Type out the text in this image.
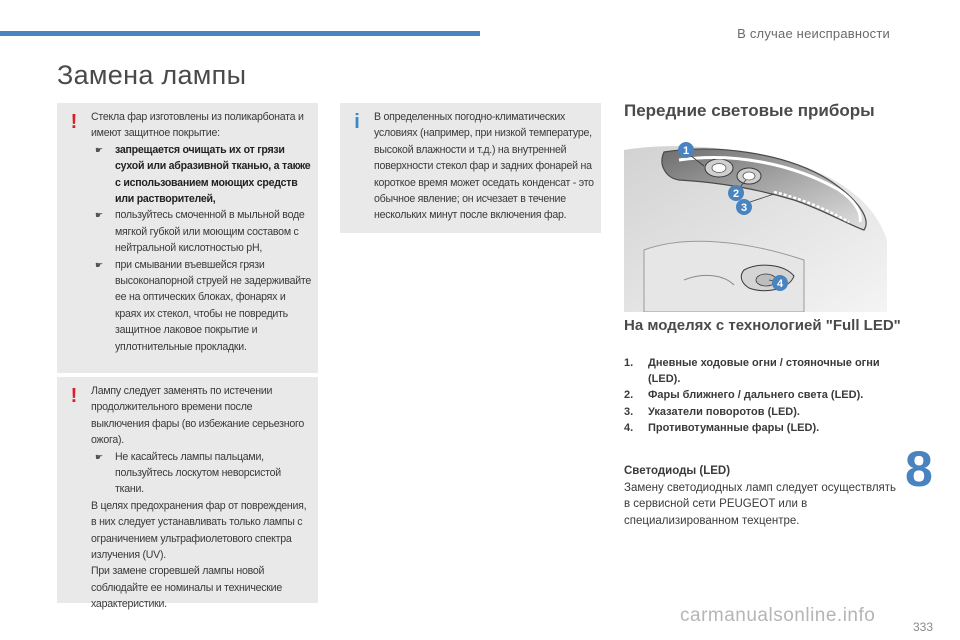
В случае неисправности
Замена лампы
!	Стекла фар изготовлены из поликарбоната и имеют защитное покрытие:

☛ запрещается очищать их от грязи сухой или абразивной тканью, а также с использованием моющих средств или растворителей,
☛ пользуйтесь смоченной в мыльной воде мягкой губкой или моющим составом с нейтральной кислотностью pH,
☛ при смывании въевшейся грязи высоконапорной струей не задерживайте ее на оптических блоках, фонарях и краях их стекол, чтобы не повредить защитное лаковое покрытие и уплотнительные прокладки.
!	Лампу следует заменять по истечении продолжительного времени после выключения фары (во избежание серьезного ожога).

☛ Не касайтесь лампы пальцами, пользуйтесь лоскутом неворсистой ткани.

В целях предохранения фар от повреждения, в них следует устанавливать только лампы с ограничением ультрафиолетового спектра излучения (UV).

При замене сгоревшей лампы новой соблюдайте ее номиналы и технические характеристики.

i	В определенных погодно-климатических условиях (например, при низкой температуре, высокой влажности и т.д.) на внутренней поверхности стекол фар и задних фонарей на короткое время может оседать конденсат - это обычное явление; он исчезает в течение нескольких минут после включения фар.

Передние световые приборы
1
2
3
4
На моделях с технологией "Full LED"
1. Дневные ходовые огни / стояночные огни (LED).
2. Фары ближнего / дальнего света (LED).
3. Указатели поворотов (LED).
4. Противотуманные фары (LED).
Светодиоды (LED)
Замену светодиодных ламп следует осуществлять в сервисной сети PEUGEOT или в специализированном техцентре.
8
carmanualsonline.info
333
